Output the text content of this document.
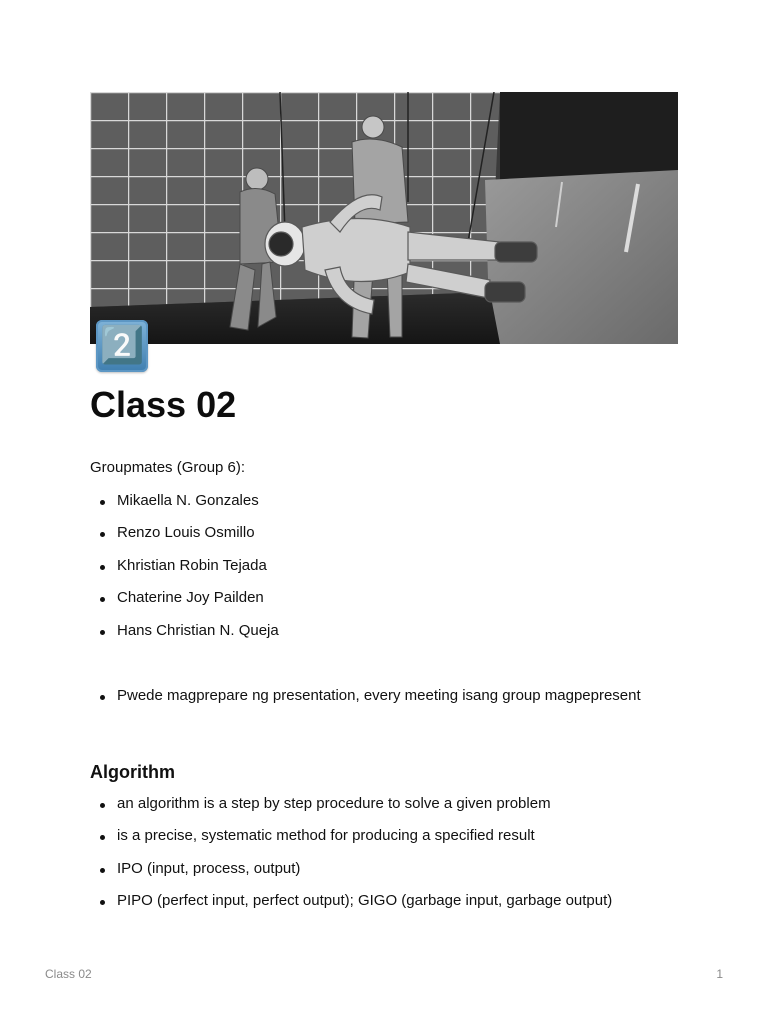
2️⃣
Class 02

Groupmates (Group 6):

Mikaella N. Gonzales
Renzo Louis Osmillo
Khristian Robin Tejada
Chaterine Joy Pailden
Hans Christian N. Queja
Pwede magprepare ng presentation, every meeting isang group magpepresent
Algorithm
an algorithm is a step by step procedure to solve a given problem
is a precise, systematic method for producing a specified result
IPO (input, process, output)
PIPO (perfect input, perfect output); GIGO (garbage input, garbage output)
Class 02	1
